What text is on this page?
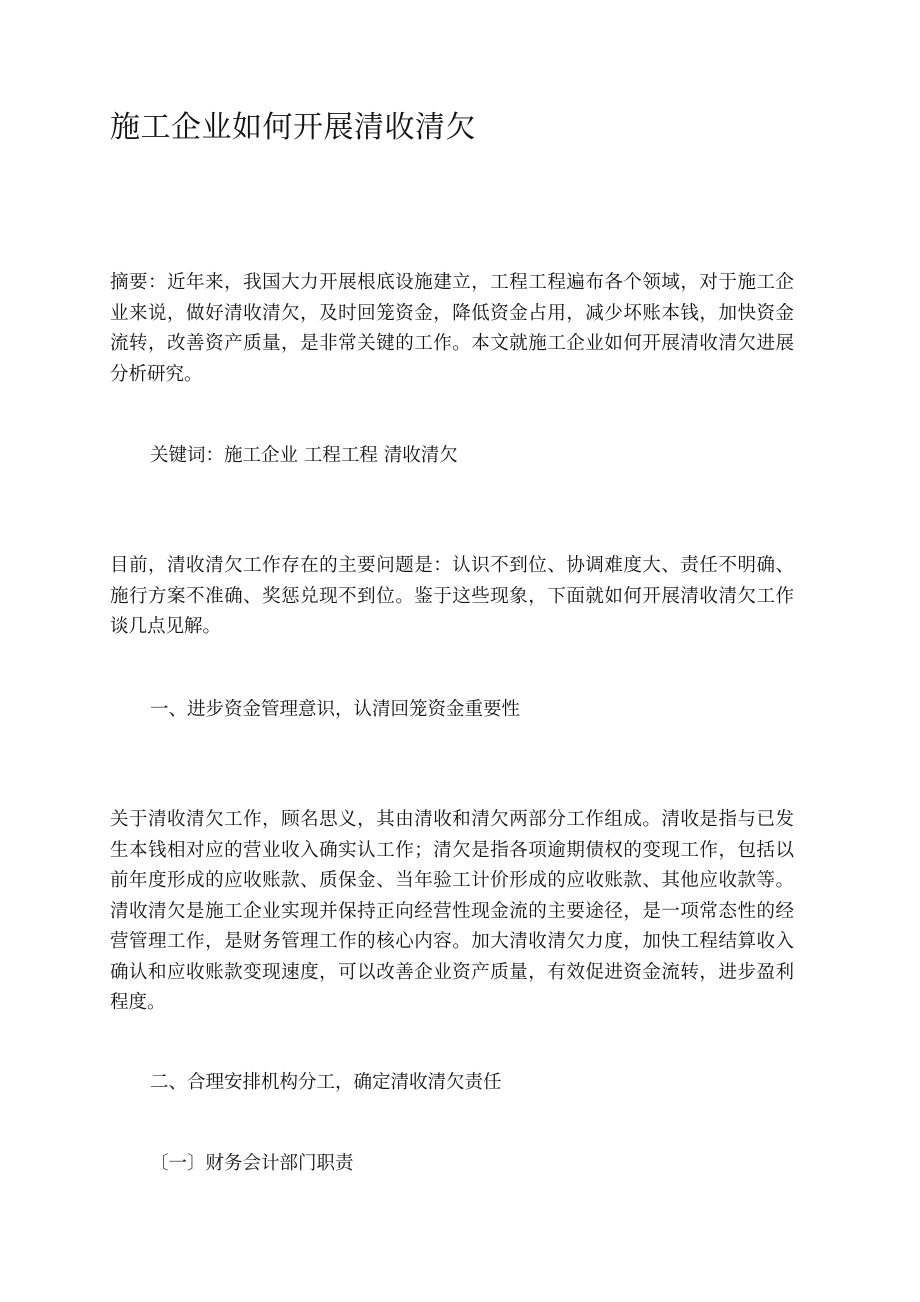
施工企业如何开展清收清欠

摘要：近年来，我国大力开展根底设施建立，工程工程遍布各个领域，对于施工企业来说，做好清收清欠，及时回笼资金，降低资金占用，减少坏账本钱，加快资金流转，改善资产质量，是非常关键的工作。本文就施工企业如何开展清收清欠进展分析研究。

关键词：施工企业 工程工程 清收清欠

目前，清收清欠工作存在的主要问题是：认识不到位、协调难度大、责任不明确、施行方案不准确、奖惩兑现不到位。鉴于这些现象，下面就如何开展清收清欠工作谈几点见解。

一、进步资金管理意识，认清回笼资金重要性

关于清收清欠工作，顾名思义，其由清收和清欠两部分工作组成。清收是指与已发生本钱相对应的营业收入确实认工作；清欠是指各项逾期债权的变现工作，包括以前年度形成的应收账款、质保金、当年验工计价形成的应收账款、其他应收款等。清收清欠是施工企业实现并保持正向经营性现金流的主要途径，是一项常态性的经营管理工作，是财务管理工作的核心内容。加大清收清欠力度，加快工程结算收入确认和应收账款变现速度，可以改善企业资产质量，有效促进资金流转，进步盈利程度。

二、合理安排机构分工，确定清收清欠责任

〔一〕财务会计部门职责
